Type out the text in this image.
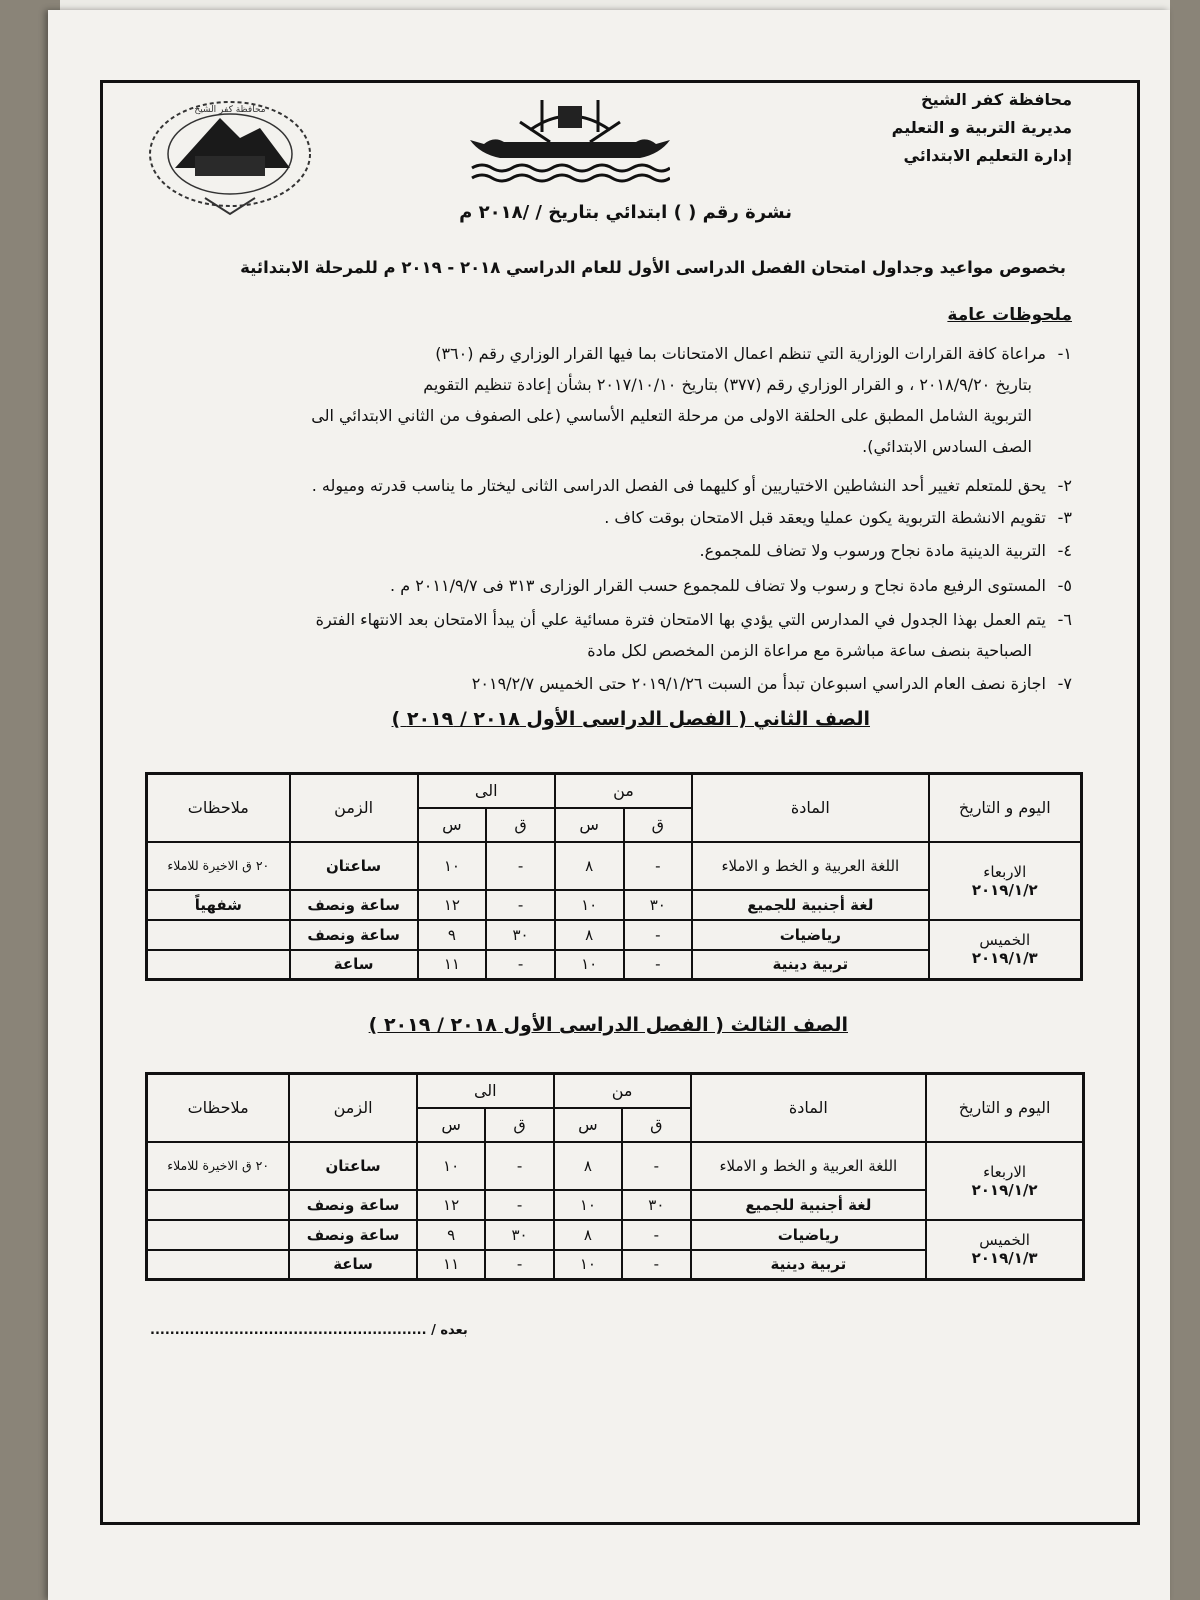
محافظة كفر الشيخ
مديرية التربية و التعليم
إدارة التعليم الابتدائي
محافظة كفر الشيخ
نشرة رقم ( ) ابتدائي بتاريخ / /٢٠١٨ م
بخصوص مواعيد وجداول امتحان الفصل الدراسى الأول للعام الدراسي ٢٠١٨ - ٢٠١٩ م للمرحلة الابتدائية
ملحوظات عامة
١-مراعاة كافة القرارات الوزارية التي تنظم اعمال الامتحانات بما فيها القرار الوزاري رقم (٣٦٠)
بتاريخ ٢٠١٨/٩/٢٠ ، و القرار الوزاري رقم (٣٧٧) بتاريخ ٢٠١٧/١٠/١٠ بشأن إعادة تنظيم التقويم
التربوية الشامل المطبق على الحلقة الاولى من مرحلة التعليم الأساسي (على الصفوف من الثاني الابتدائي الى
الصف السادس الابتدائي).
٢-يحق للمتعلم تغيير أحد النشاطين الاختياريين أو كليهما فى الفصل الدراسى الثانى ليختار ما يناسب قدرته وميوله .
٣-تقويم الانشطة التربوية يكون عمليا ويعقد قبل الامتحان بوقت كاف .
٤-التربية الدينية مادة نجاح ورسوب ولا تضاف للمجموع.
٥-المستوى الرفيع مادة نجاح و رسوب ولا تضاف للمجموع حسب القرار الوزارى ٣١٣ فى ٢٠١١/٩/٧ م .
٦-يتم العمل بهذا الجدول في المدارس التي يؤدي بها الامتحان فترة مسائية علي أن يبدأ الامتحان بعد الانتهاء الفترة
الصباحية بنصف ساعة مباشرة مع مراعاة الزمن المخصص لكل مادة
٧-اجازة نصف العام الدراسي اسبوعان تبدأ من السبت ٢٠١٩/١/٢٦ حتى الخميس ٢٠١٩/٢/٧
الصف الثاني ( الفصل الدراسى الأول ٢٠١٨ / ٢٠١٩ )
اليوم و التاريخ	المادة	من		الى		الزمن	ملاحظات
		ق	س	ق	س		

الاربعاء
٢٠١٩/١/٢	اللغة العربية و الخط و الاملاء	-	٨	-	١٠	ساعتان	٢٠ ق الاخيرة للاملاء
	لغة أجنبية للجميع	٣٠	١٠	-	١٢	ساعة ونصف	شفهياً

الخميس
٢٠١٩/١/٣	رياضيات	-	٨	٣٠	٩	ساعة ونصف	
	تربية دينية	-	١٠	-	١١	ساعة	
الصف الثالث ( الفصل الدراسى الأول ٢٠١٨ / ٢٠١٩ )
اليوم و التاريخ	المادة	من		الى		الزمن	ملاحظات
		ق	س	ق	س		

الاربعاء
٢٠١٩/١/٢	اللغة العربية و الخط و الاملاء	-	٨	-	١٠	ساعتان	٢٠ ق الاخيرة للاملاء
	لغة أجنبية للجميع	٣٠	١٠	-	١٢	ساعة ونصف	

الخميس
٢٠١٩/١/٣	رياضيات	-	٨	٣٠	٩	ساعة ونصف	
	تربية دينية	-	١٠	-	١١	ساعة	
بعده / ........................................................
